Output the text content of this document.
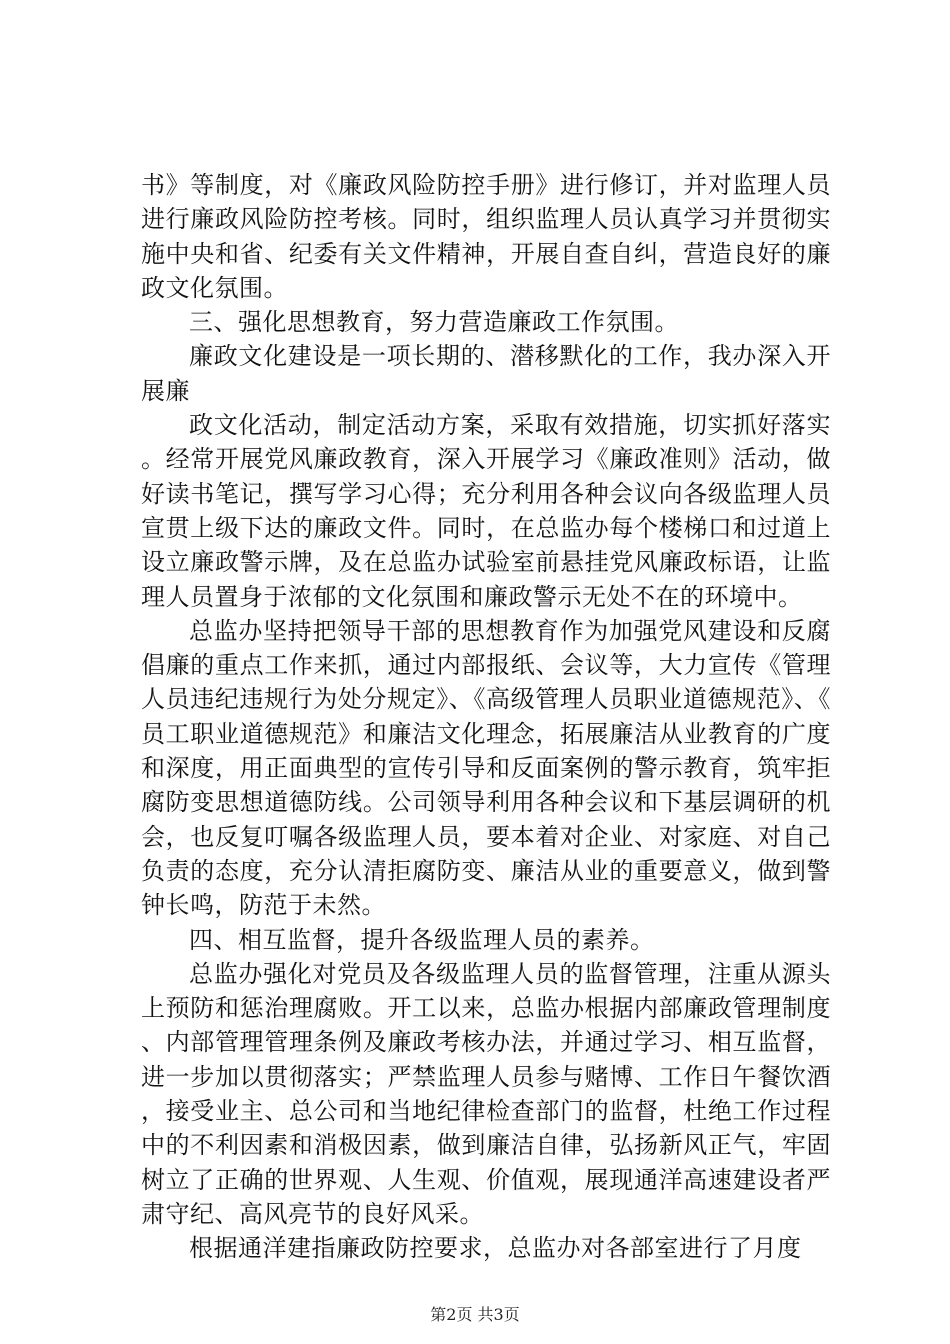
书》等制度，对《廉政风险防控手册》进行修订，并对监理人员进行廉政风险防控考核。同时，组织监理人员认真学习并贯彻实施中央和省、纪委有关文件精神，开展自查自纠，营造良好的廉政文化氛围。

三、强化思想教育，努力营造廉政工作氛围。

廉政文化建设是一项长期的、潜移默化的工作，我办深入开展廉

政文化活动，制定活动方案，采取有效措施，切实抓好落实。经常开展党风廉政教育，深入开展学习《廉政准则》活动，做好读书笔记，撰写学习心得；充分利用各种会议向各级监理人员宣贯上级下达的廉政文件。同时，在总监办每个楼梯口和过道上设立廉政警示牌，及在总监办试验室前悬挂党风廉政标语，让监理人员置身于浓郁的文化氛围和廉政警示无处不在的环境中。

总监办坚持把领导干部的思想教育作为加强党风建设和反腐倡廉的重点工作来抓，通过内部报纸、会议等，大力宣传《管理人员违纪违规行为处分规定》、《高级管理人员职业道德规范》、《员工职业道德规范》和廉洁文化理念，拓展廉洁从业教育的广度和深度，用正面典型的宣传引导和反面案例的警示教育，筑牢拒腐防变思想道德防线。公司领导利用各种会议和下基层调研的机会，也反复叮嘱各级监理人员，要本着对企业、对家庭、对自己负责的态度，充分认清拒腐防变、廉洁从业的重要意义，做到警钟长鸣，防范于未然。

四、相互监督，提升各级监理人员的素养。

总监办强化对党员及各级监理人员的监督管理，注重从源头上预防和惩治理腐败。开工以来，总监办根据内部廉政管理制度、内部管理管理条例及廉政考核办法，并通过学习、相互监督，进一步加以贯彻落实；严禁监理人员参与赌博、工作日午餐饮酒，接受业主、总公司和当地纪律检查部门的监督，杜绝工作过程中的不利因素和消极因素，做到廉洁自律，弘扬新风正气，牢固树立了正确的世界观、人生观、价值观，展现通洋高速建设者严肃守纪、高风亮节的良好风采。

根据通洋建指廉政防控要求，总监办对各部室进行了月度

第2页 共3页
